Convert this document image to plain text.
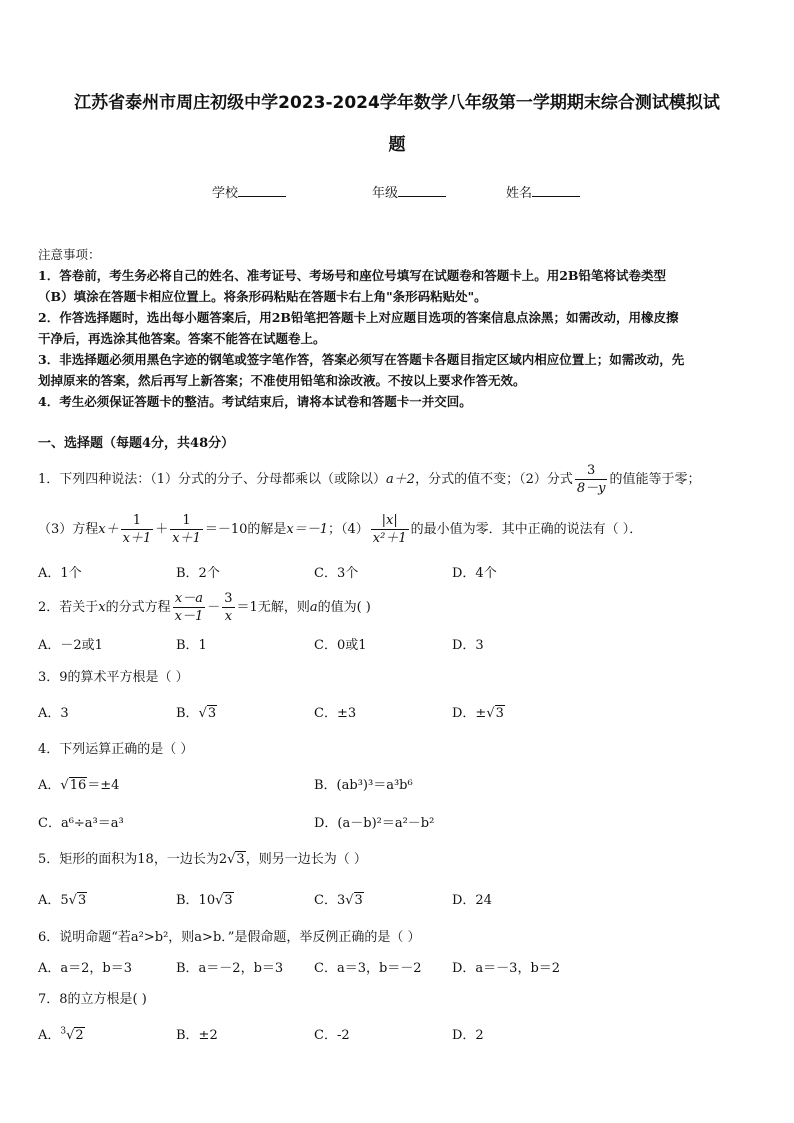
江苏省泰州市周庄初级中学2023-2024学年数学八年级第一学期期末综合测试模拟试
题
学校	年级	姓名
注意事项：
1．答卷前，考生务必将自己的姓名、准考证号、考场号和座位号填写在试题卷和答题卡上。用2B铅笔将试卷类型
（B）填涂在答题卡相应位置上。将条形码粘贴在答题卡右上角"条形码粘贴处"。
2．作答选择题时，选出每小题答案后，用2B铅笔把答题卡上对应题目选项的答案信息点涂黑；如需改动，用橡皮擦
干净后，再选涂其他答案。答案不能答在试题卷上。
3．非选择题必须用黑色字迹的钢笔或签字笔作答，答案必须写在答题卡各题目指定区域内相应位置上；如需改动，先
划掉原来的答案，然后再写上新答案；不准使用铅笔和涂改液。不按以上要求作答无效。
4．考生必须保证答题卡的整洁。考试结束后，请将本试卷和答题卡一并交回。
一、选择题（每题4分，共48分）
1．下列四种说法：（1）分式的分子、分母都乘以（或除以）a＋2，分式的值不变；（2）分式 $\frac{3}{8-y}$ 的值能等于零；
（3）方程$x+ \frac{1}{x+1} + \frac{1}{x+1} =-10$的解是x＝－1；$(4) \frac{|x|}{\text{x²＋1}}$ 的最小值为零．其中正确的说法有（ ）．
A．1个	B．2个	C．3个	D．4个
2．若关于x的分式方程 $\frac{x-a}{x-1} - \frac{3}{x} =1$无解，则a的值为( )
A．－2或1	B．1	C．0或1	D．3
3．9的算术平方根是（ ）
A．3	B．√3	C．±3	D．±√3
4．下列运算正确的是（ ）
A．√16＝±4	B．(ab³)³＝a³b⁶
C．a⁶÷a³＝a³	D．(a－b)²＝a²－b²
5．矩形的面积为18，一边长为2√3，则另一边长为（ ）
A．5√3	B．10√3	C．3√3	D．24
6．说明命题“若a²>b²，则a>b．”是假命题，举反例正确的是（ ）
A．a＝2，b＝3	B．a＝－2，b＝3 C．a＝3，b＝－2 D．a＝－3，b＝2
7．8的立方根是( )
A．$^3$√2	B．±2	C．-2	D．2
